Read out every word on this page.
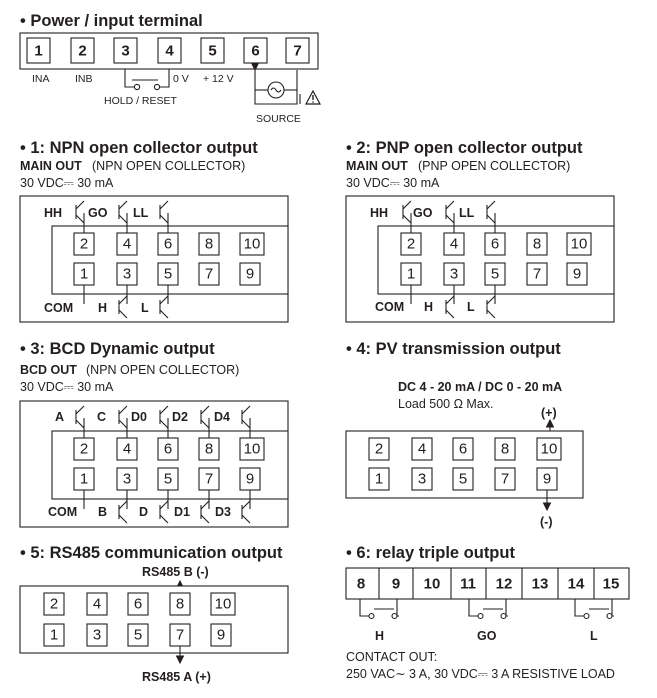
• Power / input terminal
1 2 3 4 5 6 7
INA INB	0 V + 12 V
HOLD / RESET
SOURCE
• 1: NPN open collector output
MAIN OUT (NPN OPEN COLLECTOR)
30 VDC⎓ 30 mA
2 4 6 8 10
1 3 5 7 9
HH GO LL
COM H	L
• 2: PNP open collector output
MAIN OUT (PNP OPEN COLLECTOR)
30 VDC⎓ 30 mA
2 4 6 8 10
1 3 5 7 9
HH GO LL
COM H	L
• 3: BCD Dynamic output
BCD OUT (NPN OPEN COLLECTOR)
30 VDC⎓ 30 mA
2 4 6 8 10
1 3 5 7 9
A	C D0 D2 D4
COM B	D D1 D3
• 4: PV transmission output
DC 4 - 20 mA / DC 0 - 20 mA
Load 500 Ω Max.
(+)
2 4 6 8 10
1 3 5 7 9
(-)
• 5: RS485 communication output
RS485 B (-)
2 4 6 8 10
1 3 5 7 9
RS485 A (+)
• 6: relay triple output
8 9 10 11 12 13 14 15
H	GO	L
CONTACT OUT:
250 VAC∼ 3 A, 30 VDC⎓ 3 A RESISTIVE LOAD
